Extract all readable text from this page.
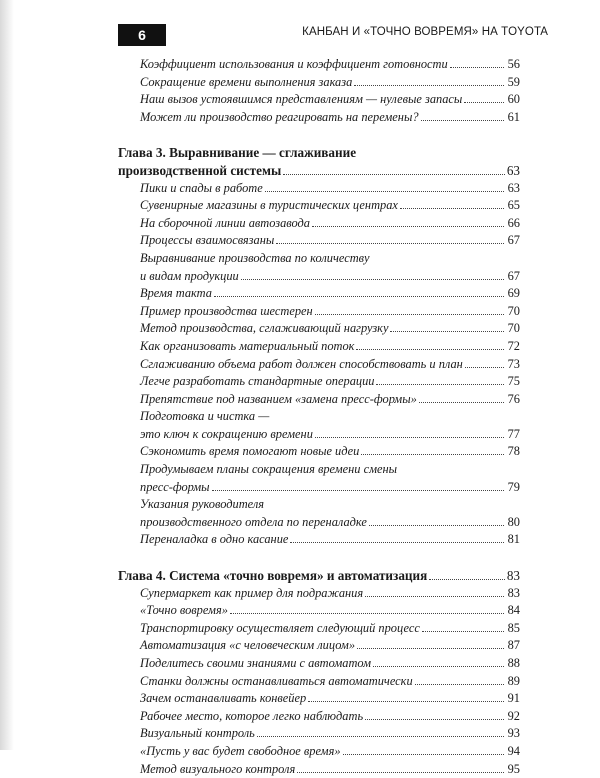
6	КАНБАН И «ТОЧНО ВОВРЕМЯ» НА TOYOTA
Коэффициент использования и коэффициент готовности	56
Сокращение времени выполнения заказа	59
Наш вызов устоявшимся представлениям — нулевые запасы	60
Может ли производство реагировать на перемены?	61
Глава 3. Выравнивание — сглаживание
производственной системы	63
Пики и спады в работе	63
Сувенирные магазины в туристических центрах	65
На сборочной линии автозавода	66
Процессы взаимосвязаны	67
Выравнивание производства по количеству
и видам продукции	67
Время такта	69
Пример производства шестерен	70
Метод производства, сглаживающий нагрузку	70
Как организовать материальный поток	72
Сглаживанию объема работ должен способствовать и план	73
Легче разработать стандартные операции	75
Препятствие под названием «замена пресс-формы»	76
Подготовка и чистка —
это ключ к сокращению времени	77
Сэкономить время помогают новые идеи	78
Продумываем планы сокращения времени смены
пресс-формы	79
Указания руководителя
производственного отдела по переналадке	80
Переналадка в одно касание	81
Глава 4. Система «точно вовремя» и автоматизация	83
Супермаркет как пример для подражания	83
«Точно вовремя»	84
Транспортировку осуществляет следующий процесс	85
Автоматизация «с человеческим лицом»	87
Поделитесь своими знаниями с автоматом	88
Станки должны останавливаться автоматически	89
Зачем останавливать конвейер	91
Рабочее место, которое легко наблюдать	92
Визуальный контроль	93
«Пусть у вас будет свободное время»	94
Метод визуального контроля	95
